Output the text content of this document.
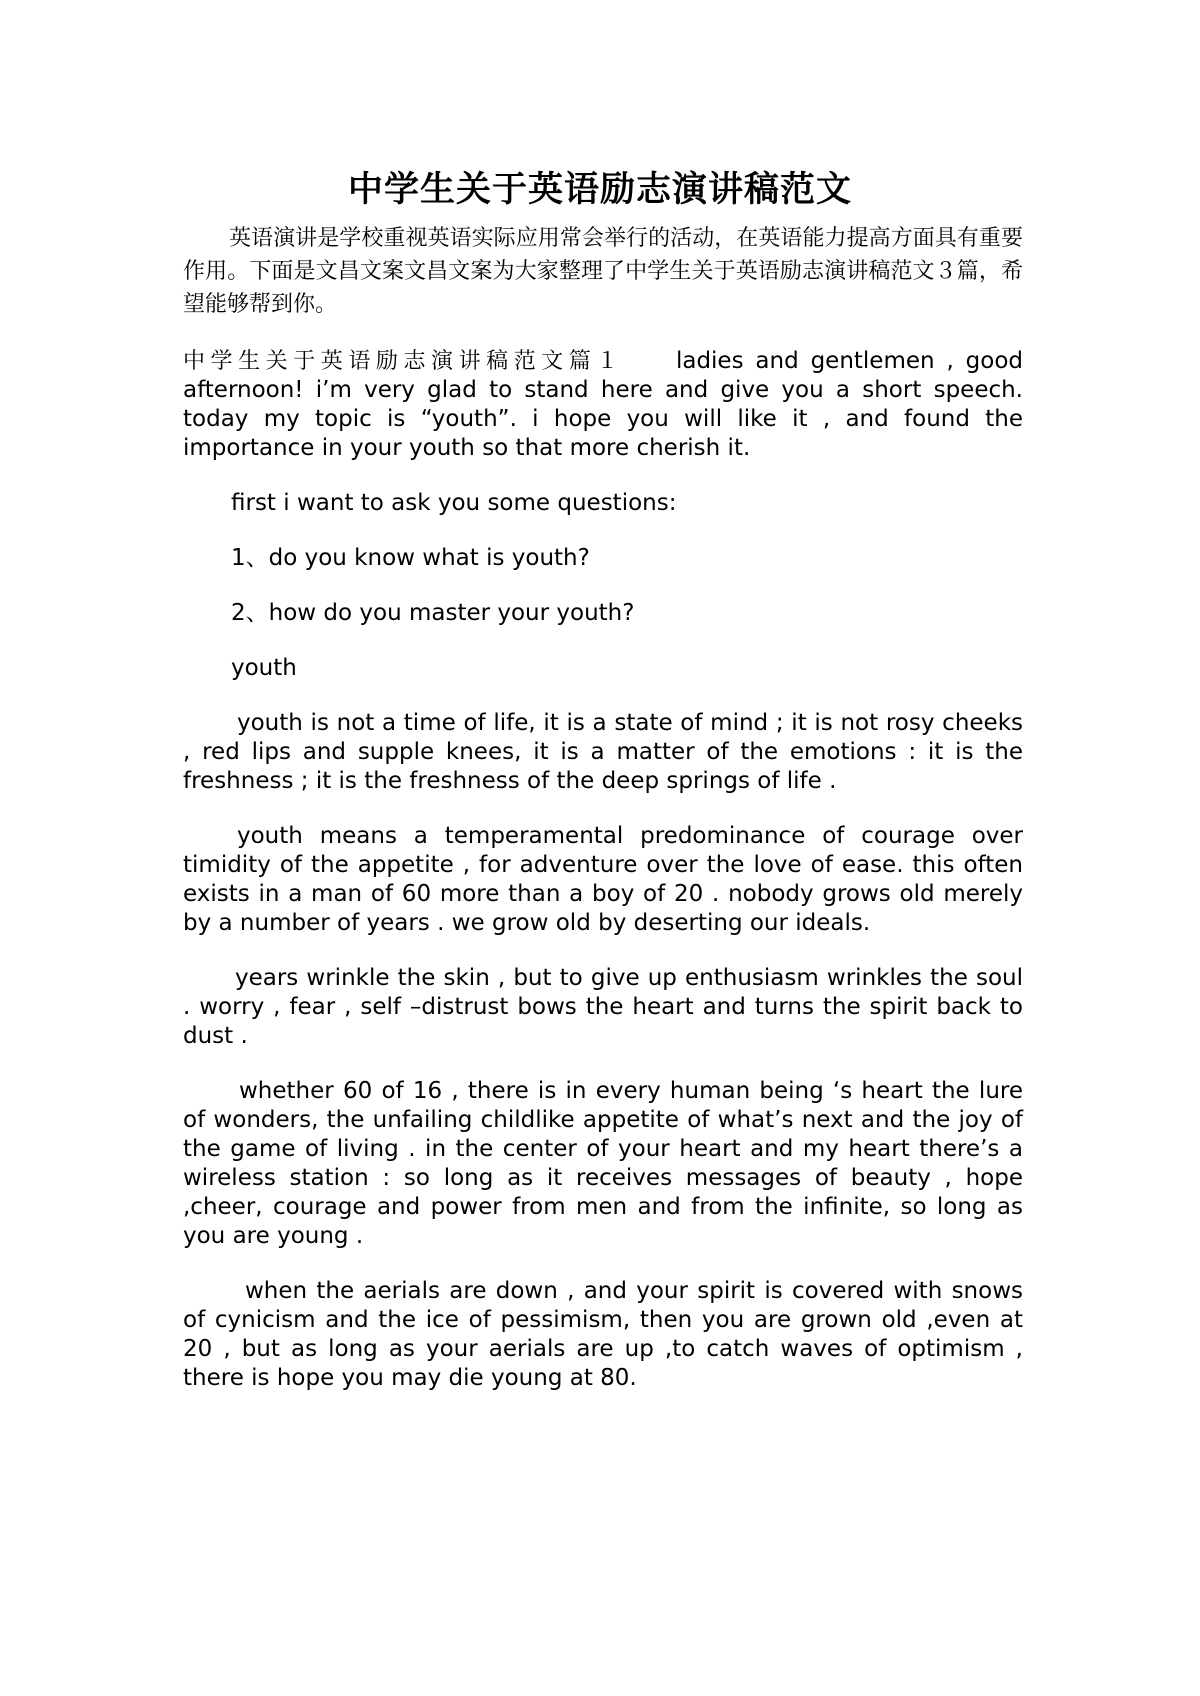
中学生关于英语励志演讲稿范文

英语演讲是学校重视英语实际应用常会举行的活动，在英语能力提高方面具有重要作用。下面是文昌文案文昌文案为大家整理了中学生关于英语励志演讲稿范文３篇，希望能够帮到你。

中学生关于英语励志演讲稿范文篇１ ladies and gentlemen , good afternoon! i’m very glad to stand here and give you a short speech. today my topic is “youth”. i hope you will like it , and found the importance in your youth so that more cherish it.

first i want to ask you some questions:

1、do you know what is youth?

2、how do you master your youth?

youth

youth is not a time of life, it is a state of mind ; it is not rosy cheeks , red lips and supple knees, it is a matter of the emotions : it is the freshness ; it is the freshness of the deep springs of life .

youth means a temperamental predominance of courage over timidity of the appetite , for adventure over the love of ease. this often exists in a man of 60 more than a boy of 20 . nobody grows old merely by a number of years . we grow old by deserting our ideals.

years wrinkle the skin , but to give up enthusiasm wrinkles the soul . worry , fear , self –distrust bows the heart and turns the spirit back to dust .

whether 60 of 16 , there is in every human being ‘s heart the lure of wonders, the unfailing childlike appetite of what’s next and the joy of the game of living . in the center of your heart and my heart there’s a wireless station : so long as it receives messages of beauty , hope ,cheer, courage and power from men and from the infinite, so long as you are young .

when the aerials are down , and your spirit is covered with snows of cynicism and the ice of pessimism, then you are grown old ,even at 20 , but as long as your aerials are up ,to catch waves of optimism , there is hope you may die young at 80.
